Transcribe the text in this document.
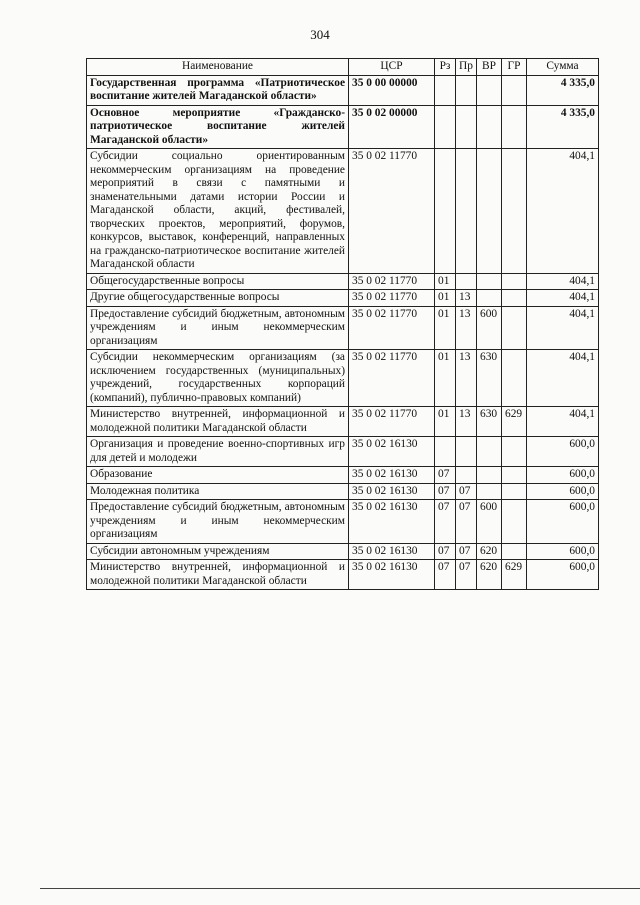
304
Наименование	ЦСР	Рз	Пр	ВР	ГР	Сумма
Государственная программа «Патриотическое воспитание жителей Магаданской области»	35 0 00 00000					4 335,0
Основное мероприятие «Гражданско-патриотическое воспитание жителей Магаданской области»	35 0 02 00000					4 335,0
Субсидии социально ориентированным некоммерческим организациям на проведение мероприятий в связи с памятными и знаменательными датами истории России и Магаданской области, акций, фестивалей, творческих проектов, мероприятий, форумов, конкурсов, выставок, конференций, направленных на гражданско-патриотическое воспитание жителей Магаданской области	35 0 02 11770					404,1
Общегосударственные вопросы	35 0 02 11770	01				404,1
Другие общегосударственные вопросы	35 0 02 11770	01	13			404,1
Предоставление субсидий бюджетным, автономным учреждениям и иным некоммерческим организациям	35 0 02 11770	01	13	600		404,1
Субсидии некоммерческим организациям (за исключением государственных (муниципальных) учреждений, государственных корпораций (компаний), публично-правовых компаний)	35 0 02 11770	01	13	630		404,1
Министерство внутренней, информационной и молодежной политики Магаданской области	35 0 02 11770	01	13	630	629	404,1
Организация и проведение военно-спортивных игр для детей и молодежи	35 0 02 16130					600,0
Образование	35 0 02 16130	07				600,0
Молодежная политика	35 0 02 16130	07	07			600,0
Предоставление субсидий бюджетным, автономным учреждениям и иным некоммерческим организациям	35 0 02 16130	07	07	600		600,0
Субсидии автономным учреждениям	35 0 02 16130	07	07	620		600,0
Министерство внутренней, информационной и молодежной политики Магаданской области	35 0 02 16130	07	07	620	629	600,0
